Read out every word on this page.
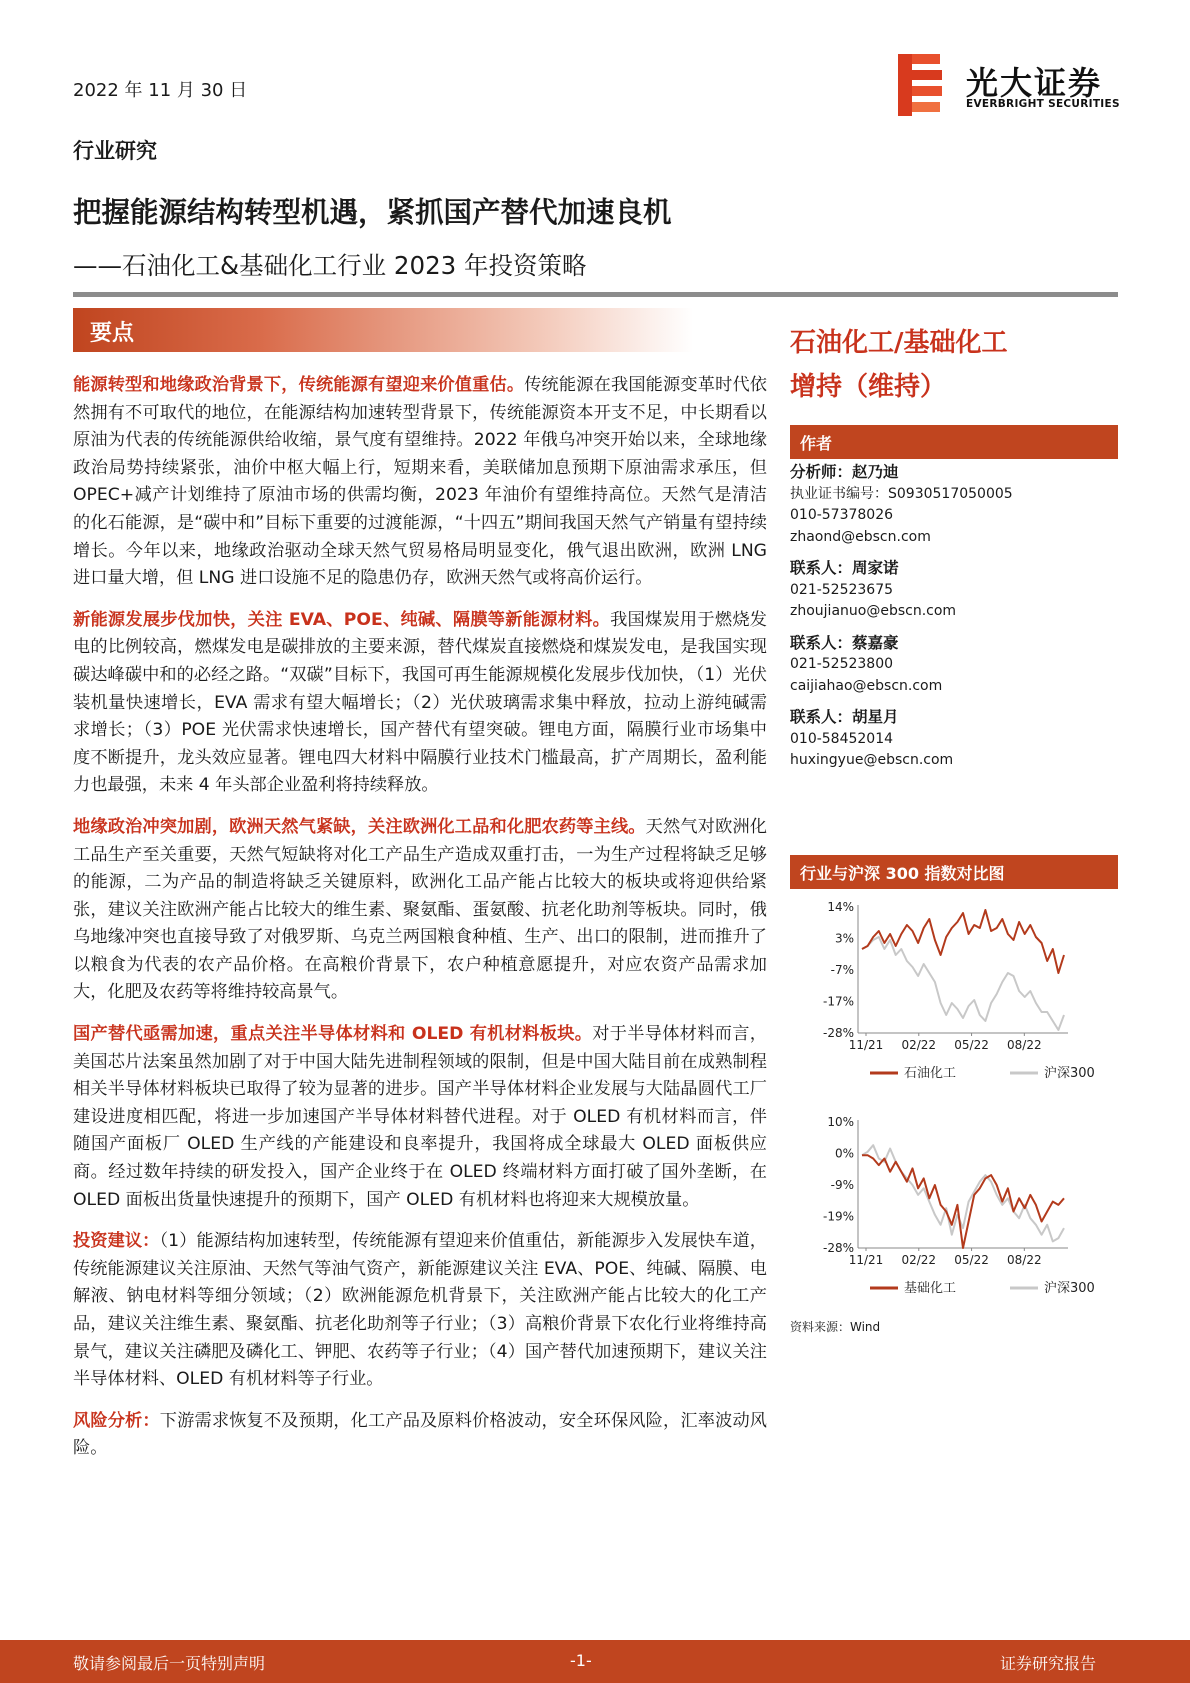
2022 年 11 月 30 日	光大证券
EVERBRIGHT SECURITIES
行业研究
把握能源结构转型机遇，紧抓国产替代加速良机
——石油化工&基础化工行业 2023 年投资策略
要点

能源转型和地缘政治背景下，传统能源有望迎来价值重估。传统能源在我国能源变革时代依然拥有不可取代的地位，在能源结构加速转型背景下，传统能源资本开支不足，中长期看以原油为代表的传统能源供给收缩，景气度有望维持。2022 年俄乌冲突开始以来，全球地缘政治局势持续紧张，油价中枢大幅上行，短期来看，美联储加息预期下原油需求承压，但 OPEC+减产计划维持了原油市场的供需均衡，2023 年油价有望维持高位。天然气是清洁的化石能源，是“碳中和”目标下重要的过渡能源，“十四五”期间我国天然气产销量有望持续增长。今年以来，地缘政治驱动全球天然气贸易格局明显变化，俄气退出欧洲，欧洲 LNG 进口量大增，但 LNG 进口设施不足的隐患仍存，欧洲天然气或将高价运行。

新能源发展步伐加快，关注 EVA、POE、纯碱、隔膜等新能源材料。我国煤炭用于燃烧发电的比例较高，燃煤发电是碳排放的主要来源，替代煤炭直接燃烧和煤炭发电，是我国实现碳达峰碳中和的必经之路。“双碳”目标下，我国可再生能源规模化发展步伐加快，（1）光伏装机量快速增长，EVA 需求有望大幅增长；（2）光伏玻璃需求集中释放，拉动上游纯碱需求增长；（3）POE 光伏需求快速增长，国产替代有望突破。锂电方面，隔膜行业市场集中度不断提升，龙头效应显著。锂电四大材料中隔膜行业技术门槛最高，扩产周期长，盈利能力也最强，未来 4 年头部企业盈利将持续释放。

地缘政治冲突加剧，欧洲天然气紧缺，关注欧洲化工品和化肥农药等主线。天然气对欧洲化工品生产至关重要，天然气短缺将对化工产品生产造成双重打击，一为生产过程将缺乏足够的能源，二为产品的制造将缺乏关键原料，欧洲化工品产能占比较大的板块或将迎供给紧张，建议关注欧洲产能占比较大的维生素、聚氨酯、蛋氨酸、抗老化助剂等板块。同时，俄乌地缘冲突也直接导致了对俄罗斯、乌克兰两国粮食种植、生产、出口的限制，进而推升了以粮食为代表的农产品价格。在高粮价背景下，农户种植意愿提升，对应农资产品需求加大，化肥及农药等将维持较高景气。

国产替代亟需加速，重点关注半导体材料和 OLED 有机材料板块。对于半导体材料而言，美国芯片法案虽然加剧了对于中国大陆先进制程领域的限制，但是中国大陆目前在成熟制程相关半导体材料板块已取得了较为显著的进步。国产半导体材料企业发展与大陆晶圆代工厂建设进度相匹配，将进一步加速国产半导体材料替代进程。对于 OLED 有机材料而言，伴随国产面板厂 OLED 生产线的产能建设和良率提升，我国将成全球最大 OLED 面板供应商。经过数年持续的研发投入，国产企业终于在 OLED 终端材料方面打破了国外垄断，在 OLED 面板出货量快速提升的预期下，国产 OLED 有机材料也将迎来大规模放量。

投资建议：（1）能源结构加速转型，传统能源有望迎来价值重估，新能源步入发展快车道，传统能源建议关注原油、天然气等油气资产，新能源建议关注 EVA、POE、纯碱、隔膜、电解液、钠电材料等细分领域；（2）欧洲能源危机背景下，关注欧洲产能占比较大的化工产品，建议关注维生素、聚氨酯、抗老化助剂等子行业；（3）高粮价背景下农化行业将维持高景气，建议关注磷肥及磷化工、钾肥、农药等子行业；（4）国产替代加速预期下，建议关注半导体材料、OLED 有机材料等子行业。

风险分析：下游需求恢复不及预期，化工产品及原料价格波动，安全环保风险，汇率波动风险。

石油化工/基础化工
增持（维持）
作者
分析师：赵乃迪
执业证书编号：S0930517050005
010-57378026
zhaond@ebscn.com
联系人：周家诺
021-52523675
zhoujianuo@ebscn.com
联系人：蔡嘉豪
021-52523800
caijiahao@ebscn.com
联系人：胡星月
010-58452014
huxingyue@ebscn.com
行业与沪深 300 指数对比图
14%
3%
-7%
-17%
-28%
11/21 02/22 05/22 08/22
石油化工	沪深300
10%
0%
-9%
-19%
-28%
11/21 02/22 05/22 08/22
基础化工	沪深300
资料来源：Wind
敬请参阅最后一页特别声明	-1-	证券研究报告
